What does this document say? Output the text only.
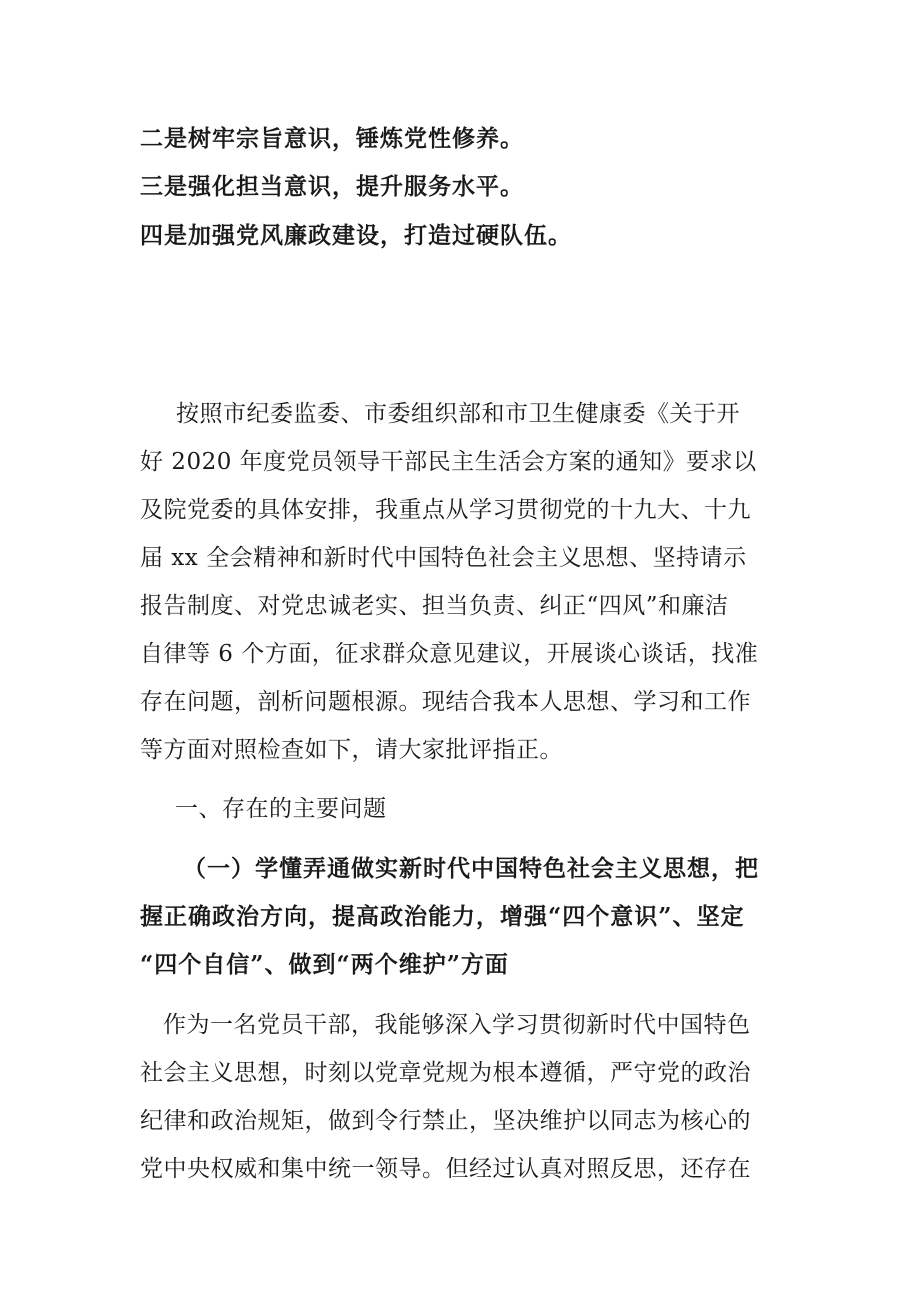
二是树牢宗旨意识，锤炼党性修养。
三是强化担当意识，提升服务水平。
四是加强党风廉政建设，打造过硬队伍。
按照市纪委监委、市委组织部和市卫生健康委《关于开
好 2020 年度党员领导干部民主生活会方案的通知》要求以
及院党委的具体安排，我重点从学习贯彻党的十九大、十九
届 xx 全会精神和新时代中国特色社会主义思想、坚持请示
报告制度、对党忠诚老实、担当负责、纠正“四风”和廉洁
自律等 6 个方面，征求群众意见建议，开展谈心谈话，找准
存在问题，剖析问题根源。现结合我本人思想、学习和工作
等方面对照检查如下，请大家批评指正。
一、存在的主要问题
（一）学懂弄通做实新时代中国特色社会主义思想，把
握正确政治方向，提高政治能力，增强“四个意识”、坚定
“四个自信”、做到“两个维护”方面
作为一名党员干部，我能够深入学习贯彻新时代中国特色
社会主义思想，时刻以党章党规为根本遵循，严守党的政治
纪律和政治规矩，做到令行禁止，坚决维护以同志为核心的
党中央权威和集中统一领导。但经过认真对照反思，还存在
